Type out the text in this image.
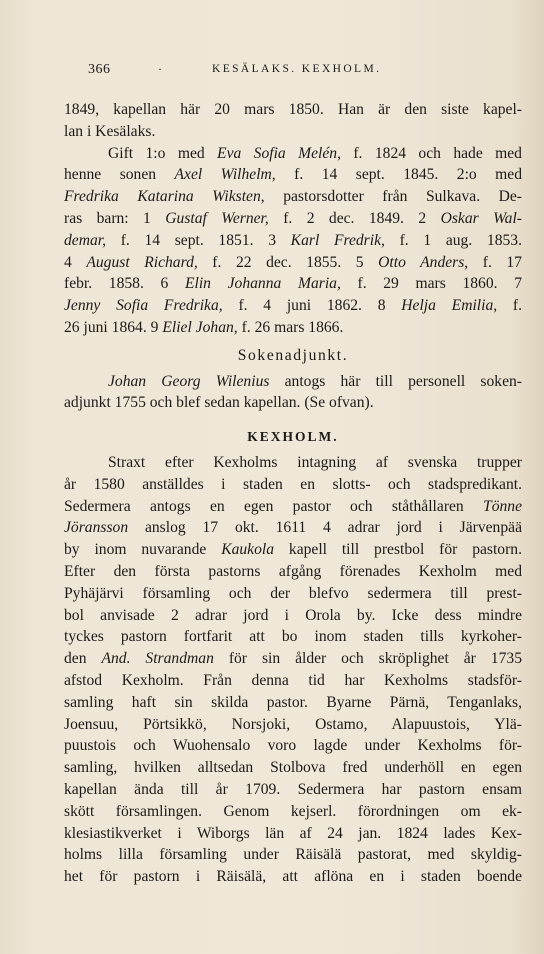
366	·	KESÄLAKS. KEXHOLM.
1849, kapellan här 20 mars 1850. Han är den siste kapel-
lan i Kesälaks.
Gift 1:o med Eva Sofia Melén, f. 1824 och hade med
henne sonen Axel Wilhelm, f. 14 sept. 1845. 2:o med
Fredrika Katarina Wiksten, pastorsdotter från Sulkava. De-
ras barn: 1 Gustaf Werner, f. 2 dec. 1849. 2 Oskar Wal-
demar, f. 14 sept. 1851. 3 Karl Fredrik, f. 1 aug. 1853.
4 August Richard, f. 22 dec. 1855. 5 Otto Anders, f. 17
febr. 1858. 6 Elin Johanna Maria, f. 29 mars 1860. 7
Jenny Sofia Fredrika, f. 4 juni 1862. 8 Helja Emilia, f.
26 juni 1864. 9 Eliel Johan, f. 26 mars 1866.
Sokenadjunkt.
Johan Georg Wilenius antogs här till personell soken-
adjunkt 1755 och blef sedan kapellan. (Se ofvan).
KEXHOLM.
Straxt efter Kexholms intagning af svenska trupper
år 1580 anställdes i staden en slotts- och stadspredikant.
Sedermera antogs en egen pastor och ståthållaren Tönne
Jöransson anslog 17 okt. 1611 4 adrar jord i Järvenpää
by inom nuvarande Kaukola kapell till prestbol för pastorn.
Efter den första pastorns afgång förenades Kexholm med
Pyhäjärvi församling och der blefvo sedermera till prest-
bol anvisade 2 adrar jord i Orola by. Icke dess mindre
tyckes pastorn fortfarit att bo inom staden tills kyrkoher-
den And. Strandman för sin ålder och skröplighet år 1735
afstod Kexholm. Från denna tid har Kexholms stadsför-
samling haft sin skilda pastor. Byarne Pärnä, Tenganlaks,
Joensuu, Pörtsikkö, Norsjoki, Ostamo, Alapuustois, Ylä-
puustois och Wuohensalo voro lagde under Kexholms för-
samling, hvilken alltsedan Stolbova fred underhöll en egen
kapellan ända till år 1709. Sedermera har pastorn ensam
skött församlingen. Genom kejserl. förordningen om ek-
klesiastikverket i Wiborgs län af 24 jan. 1824 lades Kex-
holms lilla församling under Räisälä pastorat, med skyldig-
het för pastorn i Räisälä, att aflöna en i staden boende
